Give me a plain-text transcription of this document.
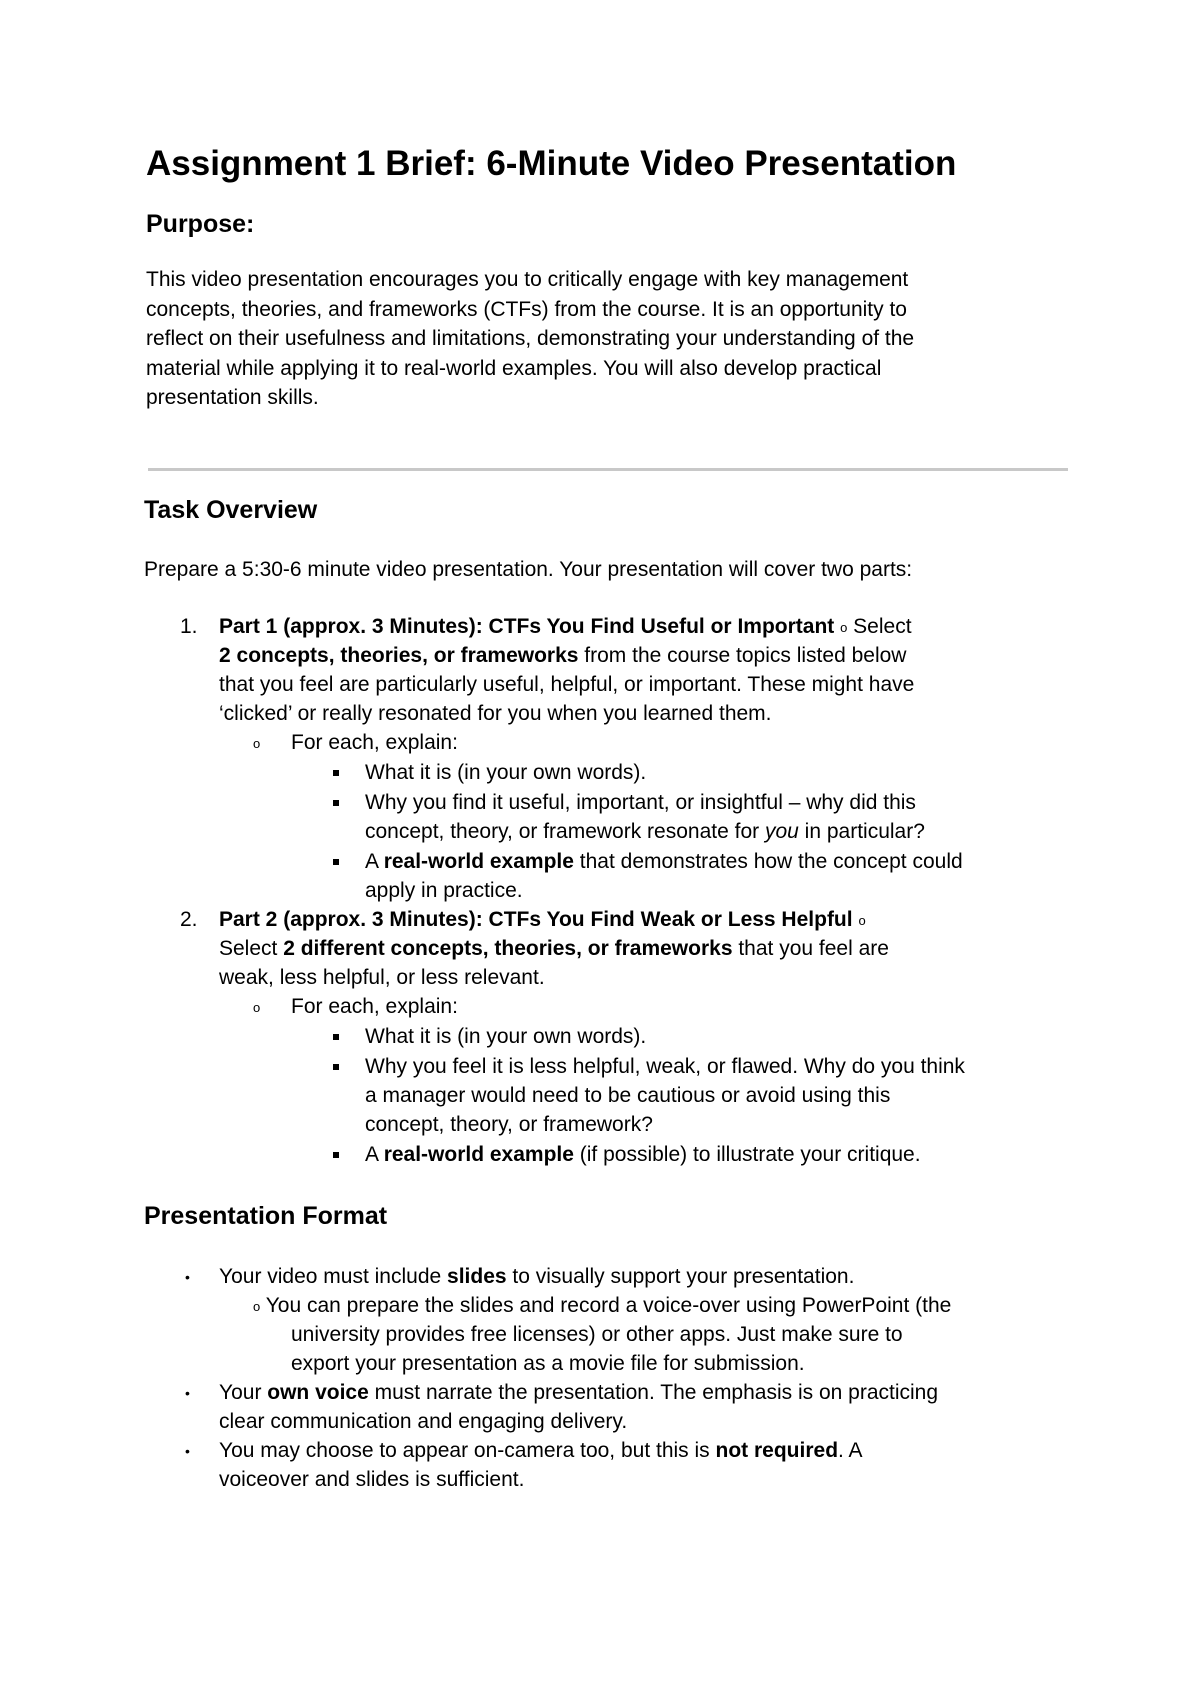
Assignment 1 Brief: 6-Minute Video Presentation
Purpose:
This video presentation encourages you to critically engage with key management
concepts, theories, and frameworks (CTFs) from the course. It is an opportunity to
reflect on their usefulness and limitations, demonstrating your understanding of the
material while applying it to real-world examples. You will also develop practical
presentation skills.
Task Overview
Prepare a 5:30-6 minute video presentation. Your presentation will cover two parts:
1. Part 1 (approx. 3 Minutes): CTFs You Find Useful or Important o Select
2 concepts, theories, or frameworks from the course topics listed below
that you feel are particularly useful, helpful, or important. These might have
‘clicked’ or really resonated for you when you learned them.
o For each, explain:
What it is (in your own words).
Why you find it useful, important, or insightful – why did this
concept, theory, or framework resonate for you in particular?
A real-world example that demonstrates how the concept could
apply in practice.
2. Part 2 (approx. 3 Minutes): CTFs You Find Weak or Less Helpful o
Select 2 different concepts, theories, or frameworks that you feel are
weak, less helpful, or less relevant.
o For each, explain:
What it is (in your own words).
Why you feel it is less helpful, weak, or flawed. Why do you think
a manager would need to be cautious or avoid using this
concept, theory, or framework?
A real-world example (if possible) to illustrate your critique.
Presentation Format
• Your video must include slides to visually support your presentation.
o You can prepare the slides and record a voice-over using PowerPoint (the
university provides free licenses) or other apps. Just make sure to
export your presentation as a movie file for submission.
• Your own voice must narrate the presentation. The emphasis is on practicing
clear communication and engaging delivery.
• You may choose to appear on-camera too, but this is not required. A
voiceover and slides is sufficient.
